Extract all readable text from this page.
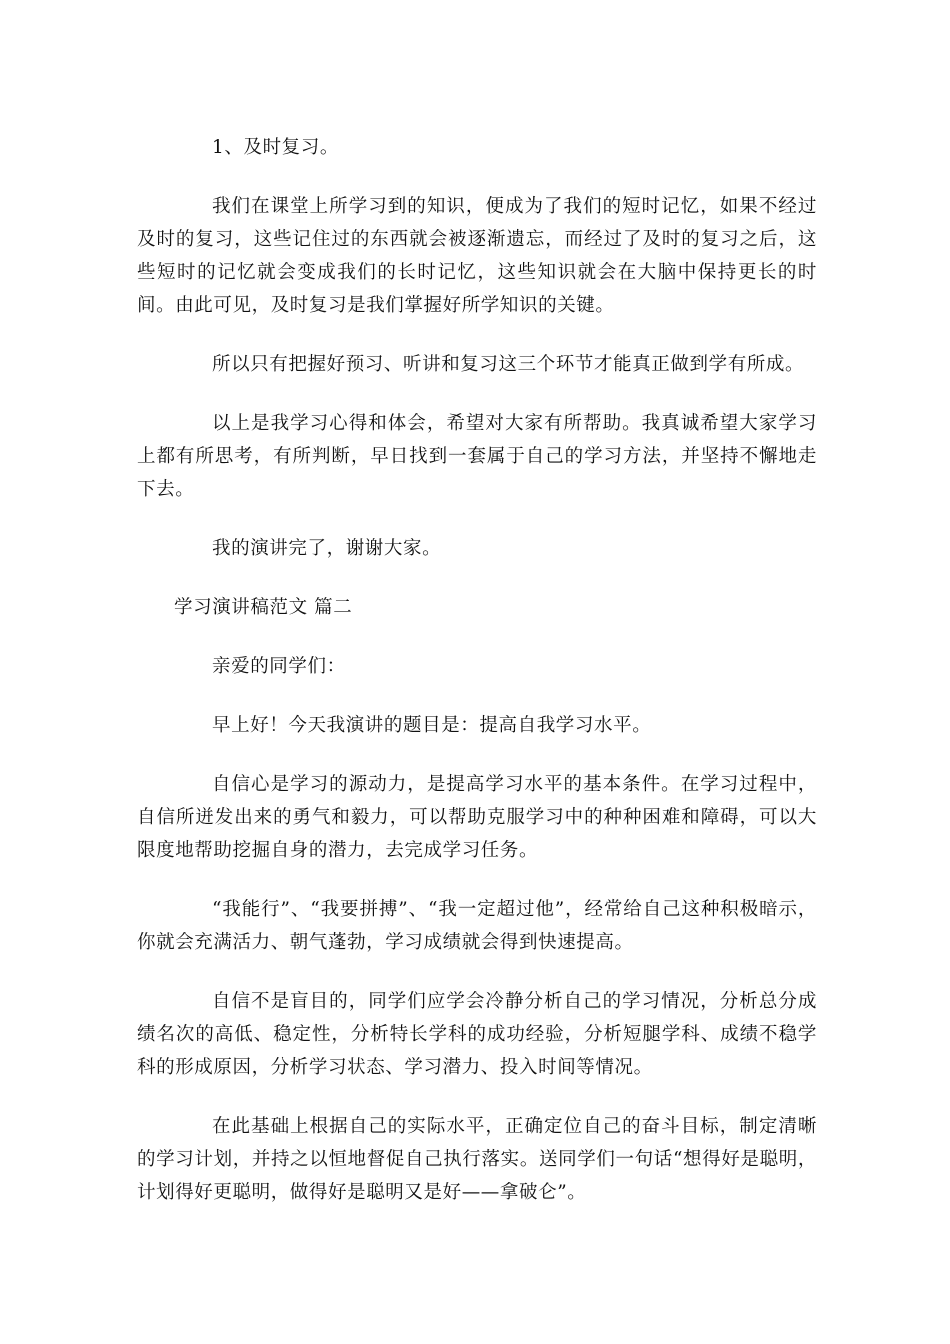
1、及时复习。

我们在课堂上所学习到的知识，便成为了我们的短时记忆，如果不经过及时的复习，这些记住过的东西就会被逐渐遗忘，而经过了及时的复习之后，这些短时的记忆就会变成我们的长时记忆，这些知识就会在大脑中保持更长的时间。由此可见，及时复习是我们掌握好所学知识的关键。

所以只有把握好预习、听讲和复习这三个环节才能真正做到学有所成。

以上是我学习心得和体会，希望对大家有所帮助。我真诚希望大家学习上都有所思考，有所判断，早日找到一套属于自己的学习方法，并坚持不懈地走下去。

我的演讲完了，谢谢大家。

学习演讲稿范文 篇二

亲爱的同学们：

早上好！今天我演讲的题目是：提高自我学习水平。

自信心是学习的源动力，是提高学习水平的基本条件。在学习过程中，自信所迸发出来的勇气和毅力，可以帮助克服学习中的种种困难和障碍，可以大限度地帮助挖掘自身的潜力，去完成学习任务。

“我能行”、“我要拼搏”、“我一定超过他”，经常给自己这种积极暗示，你就会充满活力、朝气蓬勃，学习成绩就会得到快速提高。

自信不是盲目的，同学们应学会冷静分析自己的学习情况，分析总分成绩名次的高低、稳定性，分析特长学科的成功经验，分析短腿学科、成绩不稳学科的形成原因，分析学习状态、学习潜力、投入时间等情况。

在此基础上根据自己的实际水平，正确定位自己的奋斗目标，制定清晰的学习计划，并持之以恒地督促自己执行落实。送同学们一句话“想得好是聪明，计划得好更聪明，做得好是聪明又是好——拿破仑”。
